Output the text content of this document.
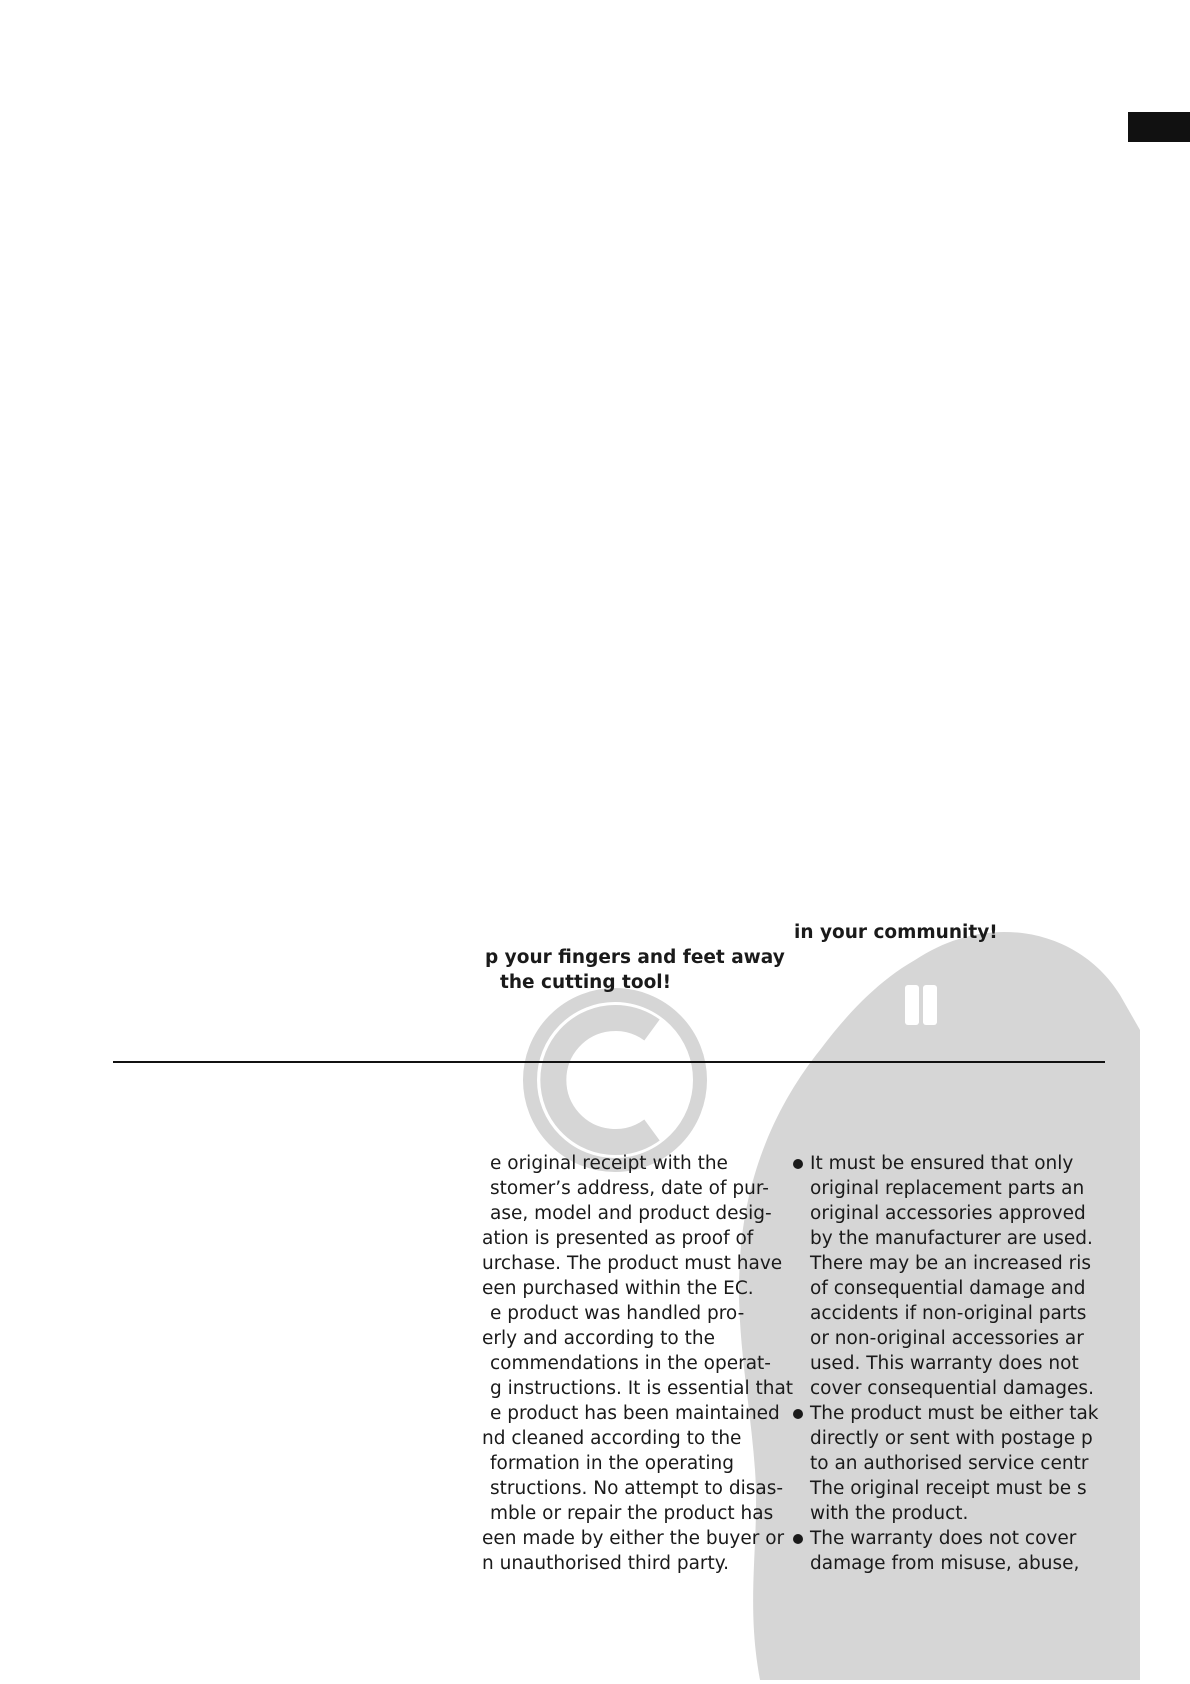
in your community!
p your fingers and feet away
the cutting tool!
e original receipt with the
stomer’s address, date of pur-
ase, model and product desig-
ation is presented as proof of
urchase. The product must have
een purchased within the EC.
e product was handled pro-
erly and according to the
commendations in the operat-
g instructions. It is essential that
e product has been maintained
nd cleaned according to the
formation in the operating
structions. No attempt to disas-
mble or repair the product has
een made by either the buyer or
n unauthorised third party.
It must be ensured that only
original replacement parts an
original accessories approved
by the manufacturer are used.
There may be an increased ris
of consequential damage and
accidents if non-original parts
or non-original accessories ar
used. This warranty does not
cover consequential damages.
The product must be either tak
directly or sent with postage p
to an authorised service centr
The original receipt must be s
with the product.
The warranty does not cover
damage from misuse, abuse,
